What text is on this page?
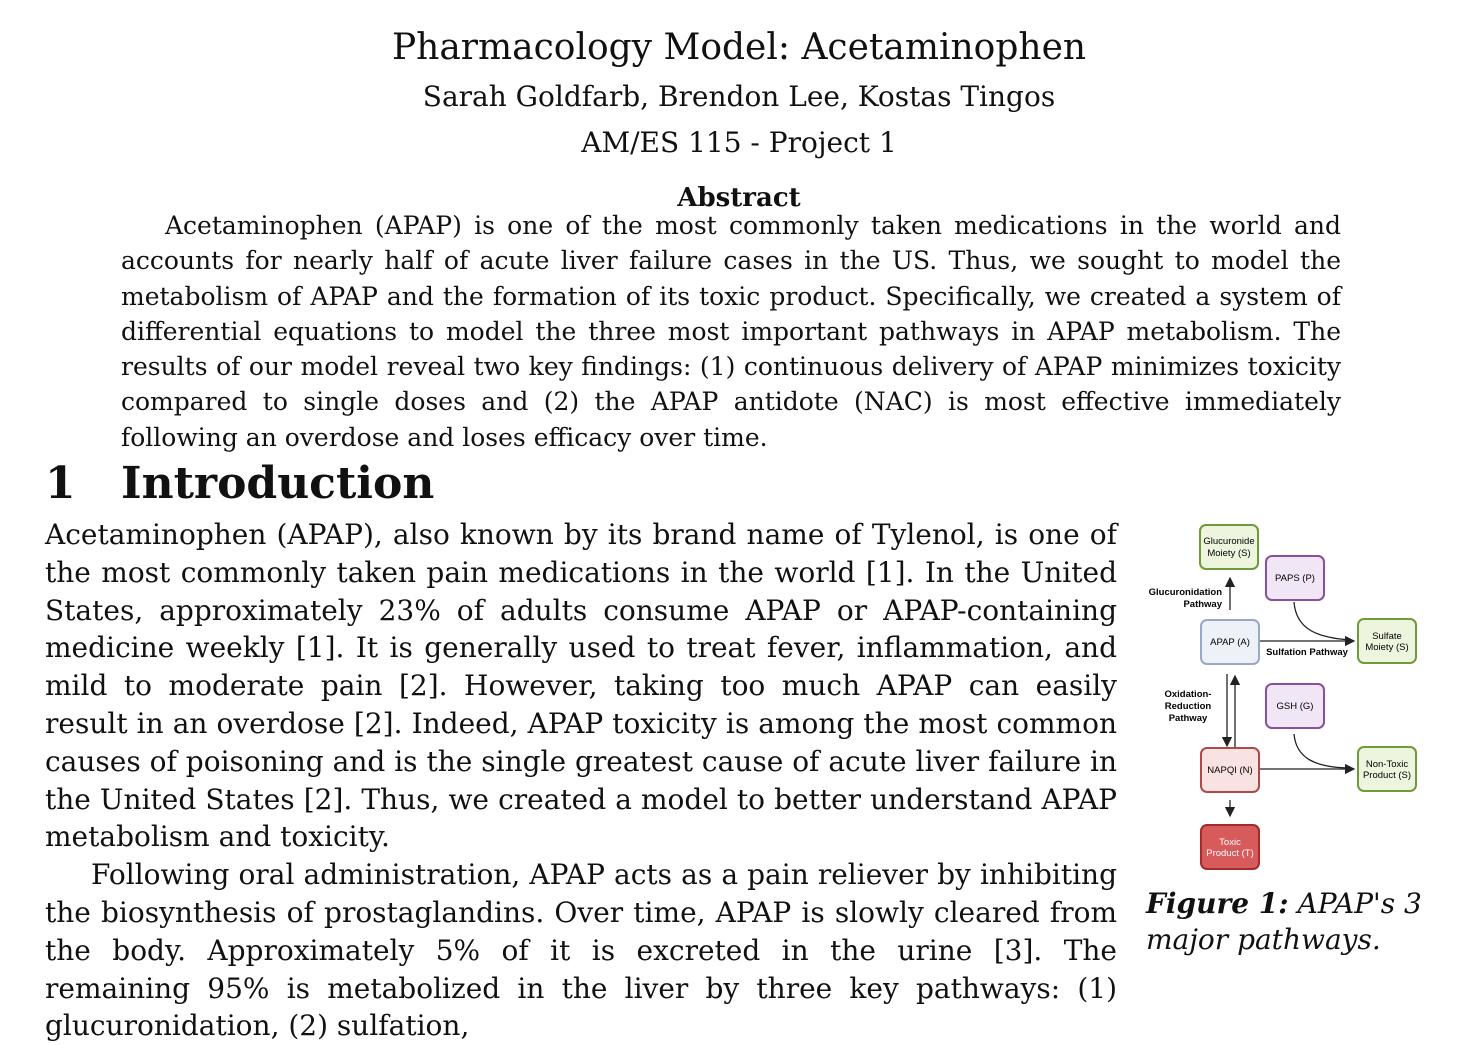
Pharmacology Model: Acetaminophen
Sarah Goldfarb, Brendon Lee, Kostas Tingos
AM/ES 115 - Project 1
Abstract

Acetaminophen (APAP) is one of the most commonly taken medications in the world and accounts for nearly half of acute liver failure cases in the US. Thus, we sought to model the metabolism of APAP and the formation of its toxic product. Specifically, we created a system of differential equations to model the three most important pathways in APAP metabolism. The results of our model reveal two key findings: (1) continuous delivery of APAP minimizes toxicity compared to single doses and (2) the APAP antidote (NAC) is most effective immediately following an overdose and loses efficacy over time.

1 Introduction

Acetaminophen (APAP), also known by its brand name of Tylenol, is one of the most commonly taken pain medications in the world [1]. In the United States, approximately 23% of adults consume APAP or APAP-containing medicine weekly [1]. It is generally used to treat fever, inflammation, and mild to moderate pain [2]. However, taking too much APAP can easily result in an overdose [2]. Indeed, APAP toxicity is among the most common causes of poisoning and is the single greatest cause of acute liver failure in the United States [2]. Thus, we created a model to better understand APAP metabolism and toxicity.

Following oral administration, APAP acts as a pain reliever by inhibiting the biosynthesis of prostaglandins. Over time, APAP is slowly cleared from the body. Approximately 5% of it is excreted in the urine [3]. The remaining 95% is metabolized in the liver by three key pathways: (1) glucuronidation, (2) sulfation,

Glucuronide
Moiety (S)
PAPS (P)
APAP (A)
Sulfate
Moiety (S)
GSH (G)
NAPQI (N)
Non-Toxic
Product (S)
Toxic
Product (T)
Glucuronidation
Pathway
Sulfation Pathway
Oxidation-
Reduction
Pathway
Figure 1: APAP's 3 major pathways.
